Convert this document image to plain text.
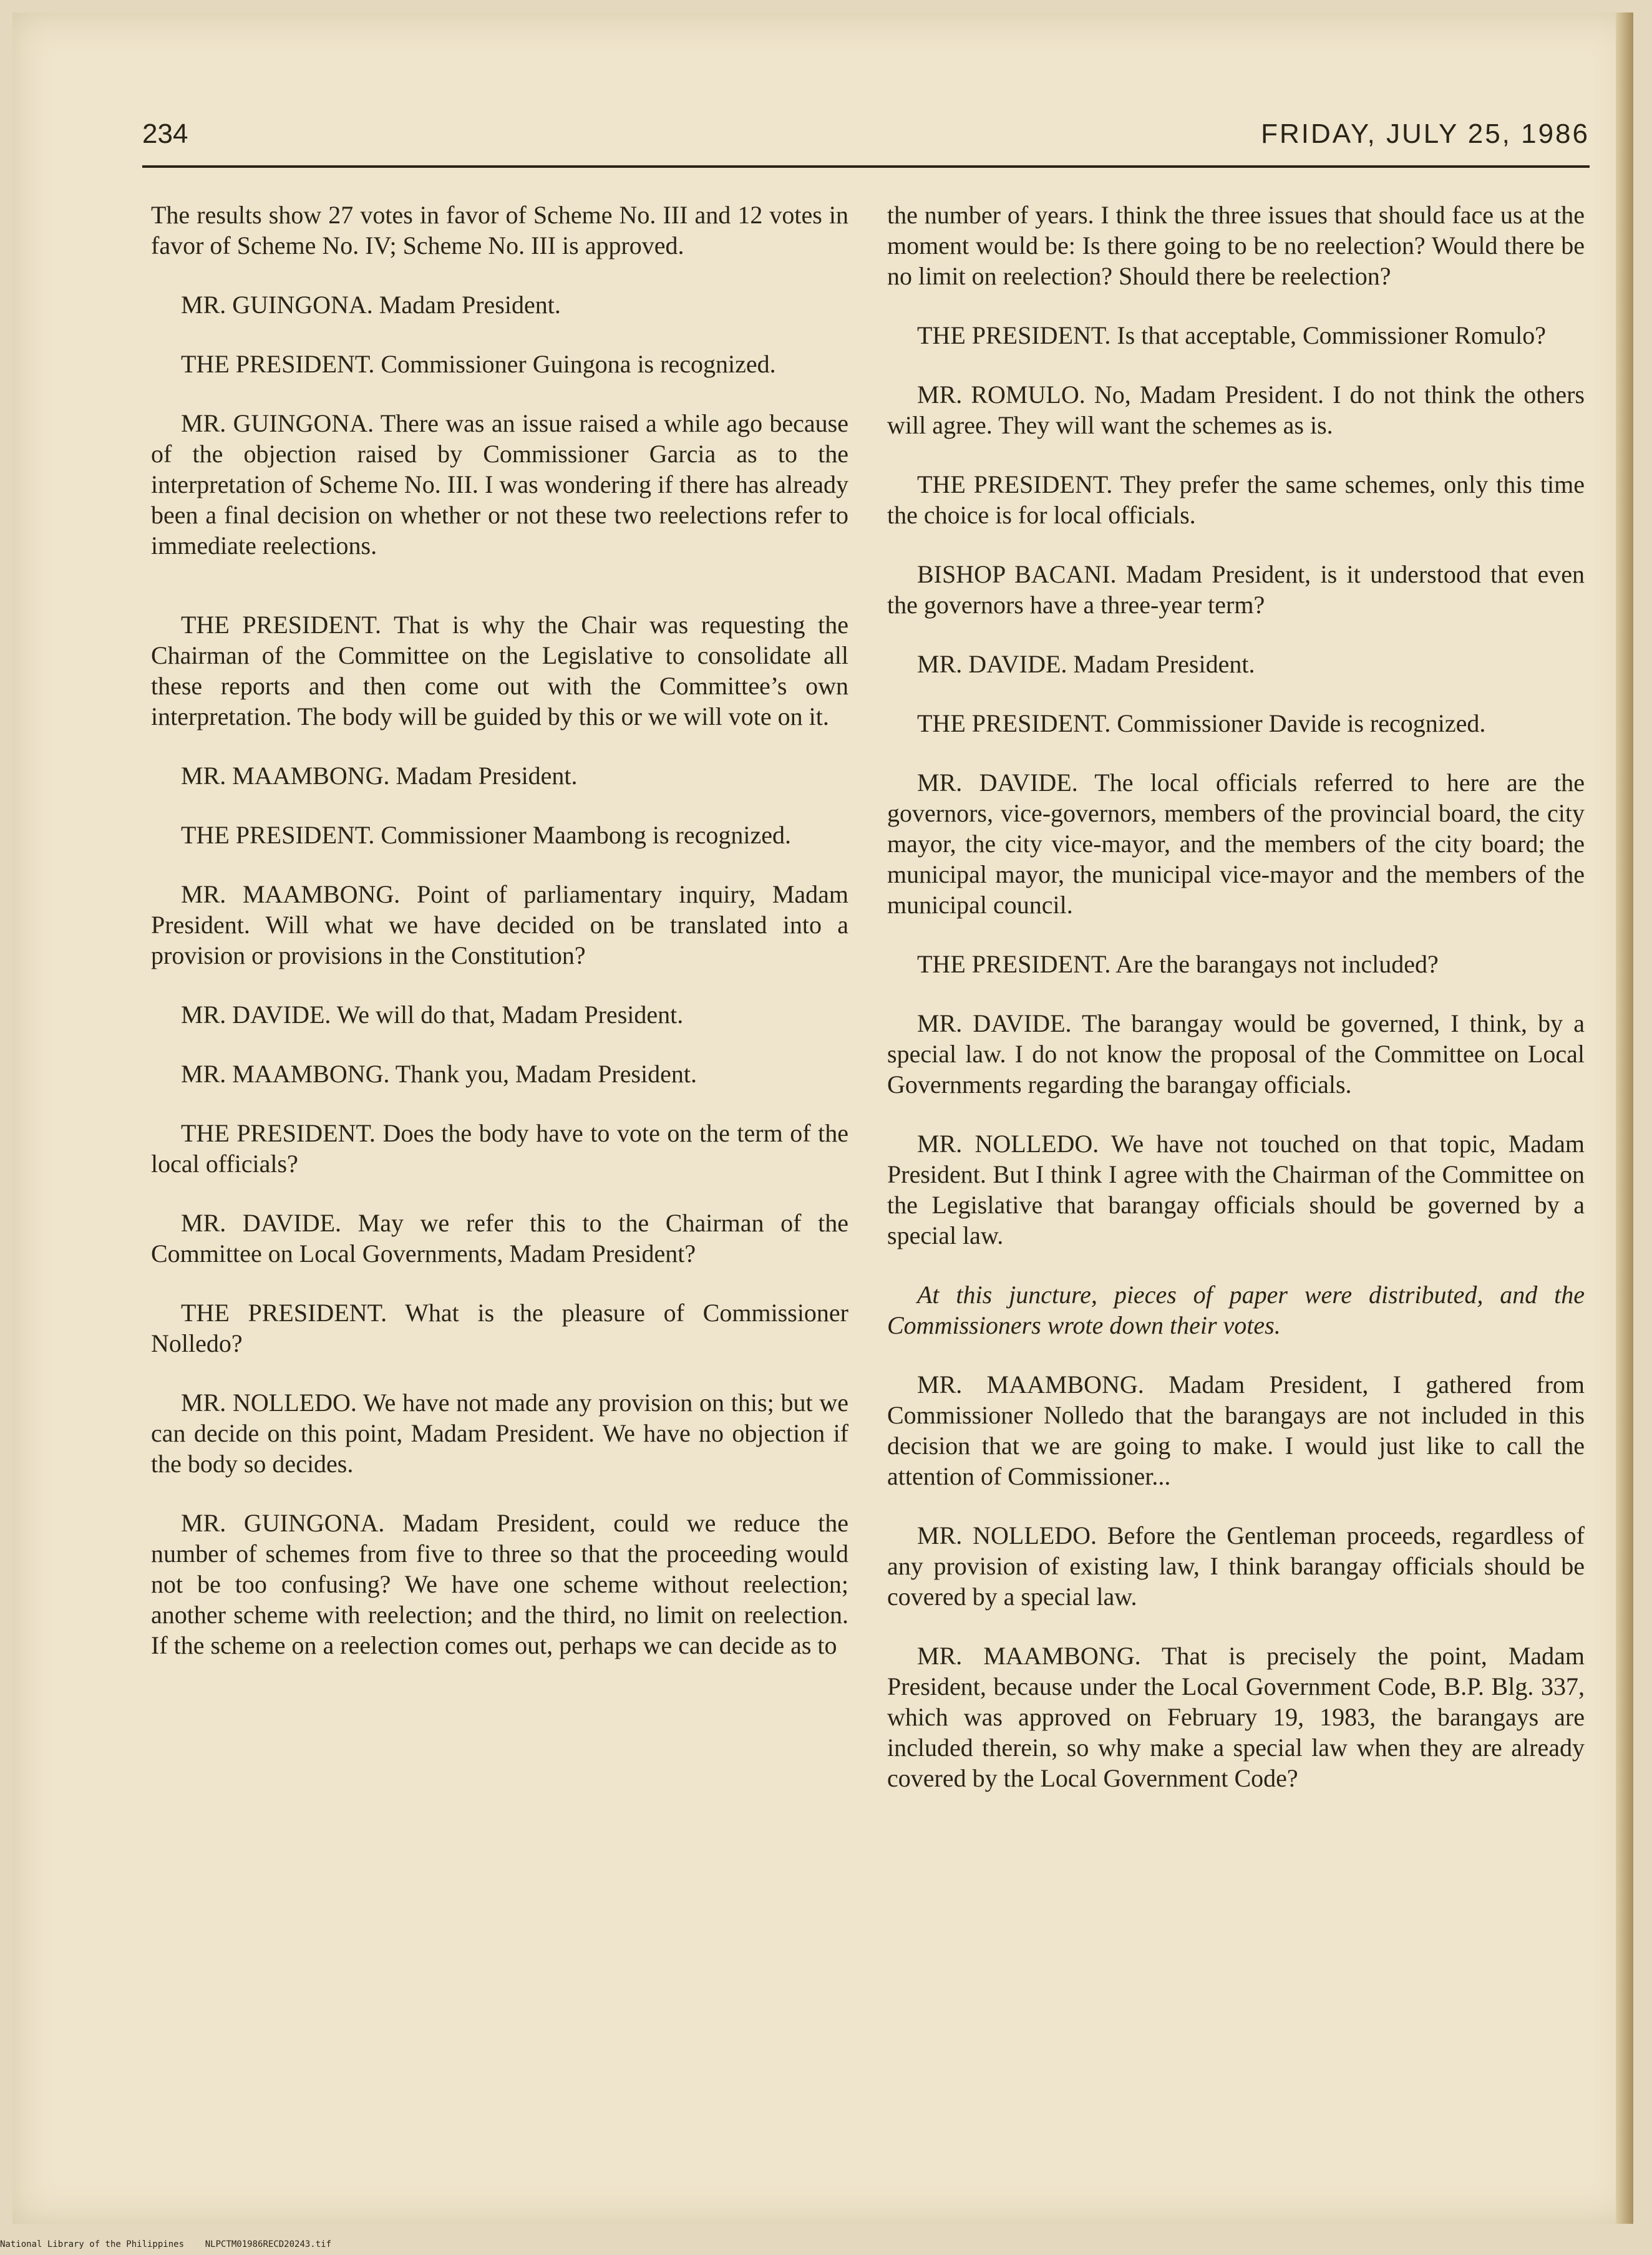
234	FRIDAY, JULY 25, 1986

The results show 27 votes in favor of Scheme No. III and 12 votes in favor of Scheme No. IV; Scheme No. III is approved.

MR. GUINGONA. Madam President.

THE PRESIDENT. Commissioner Guingona is recognized.

MR. GUINGONA. There was an issue raised a while ago because of the objection raised by Commissioner Garcia as to the interpretation of Scheme No. III. I was wondering if there has already been a final decision on whether or not these two reelections refer to immediate reelections.

THE PRESIDENT. That is why the Chair was requesting the Chairman of the Committee on the Legislative to consolidate all these reports and then come out with the Committee’s own interpretation. The body will be guided by this or we will vote on it.

MR. MAAMBONG. Madam President.

THE PRESIDENT. Commissioner Maambong is recognized.

MR. MAAMBONG. Point of parliamentary inquiry, Madam President. Will what we have decided on be translated into a provision or provisions in the Constitution?

MR. DAVIDE. We will do that, Madam President.

MR. MAAMBONG. Thank you, Madam President.

THE PRESIDENT. Does the body have to vote on the term of the local officials?

MR. DAVIDE. May we refer this to the Chairman of the Committee on Local Governments, Madam President?

THE PRESIDENT. What is the pleasure of Commissioner Nolledo?

MR. NOLLEDO. We have not made any provision on this; but we can decide on this point, Madam President. We have no objection if the body so decides.

MR. GUINGONA. Madam President, could we reduce the number of schemes from five to three so that the proceeding would not be too confusing? We have one scheme without reelection; another scheme with reelection; and the third, no limit on reelection. If the scheme on a reelection comes out, perhaps we can decide as to

the number of years. I think the three issues that should face us at the moment would be: Is there going to be no reelection? Would there be no limit on reelection? Should there be reelection?

THE PRESIDENT. Is that acceptable, Commissioner Romulo?

MR. ROMULO. No, Madam President. I do not think the others will agree. They will want the schemes as is.

THE PRESIDENT. They prefer the same schemes, only this time the choice is for local officials.

BISHOP BACANI. Madam President, is it understood that even the governors have a three-year term?

MR. DAVIDE. Madam President.

THE PRESIDENT. Commissioner Davide is recognized.

MR. DAVIDE. The local officials referred to here are the governors, vice-governors, members of the provincial board, the city mayor, the city vice-mayor, and the members of the city board; the municipal mayor, the municipal vice-mayor and the members of the municipal council.

THE PRESIDENT. Are the barangays not included?

MR. DAVIDE. The barangay would be governed, I think, by a special law. I do not know the proposal of the Committee on Local Governments regarding the barangay officials.

MR. NOLLEDO. We have not touched on that topic, Madam President. But I think I agree with the Chairman of the Committee on the Legislative that barangay officials should be governed by a special law.

At this juncture, pieces of paper were distributed, and the Commissioners wrote down their votes.

MR. MAAMBONG. Madam President, I gathered from Commissioner Nolledo that the barangays are not included in this decision that we are going to make. I would just like to call the attention of Commissioner...

MR. NOLLEDO. Before the Gentleman proceeds, regardless of any provision of existing law, I think barangay officials should be covered by a special law.

MR. MAAMBONG. That is precisely the point, Madam President, because under the Local Government Code, B.P. Blg. 337, which was approved on February 19, 1983, the barangays are included therein, so why make a special law when they are already covered by the Local Government Code?

National Library of the Philippines NLPCTM01986RECD20243.tif
